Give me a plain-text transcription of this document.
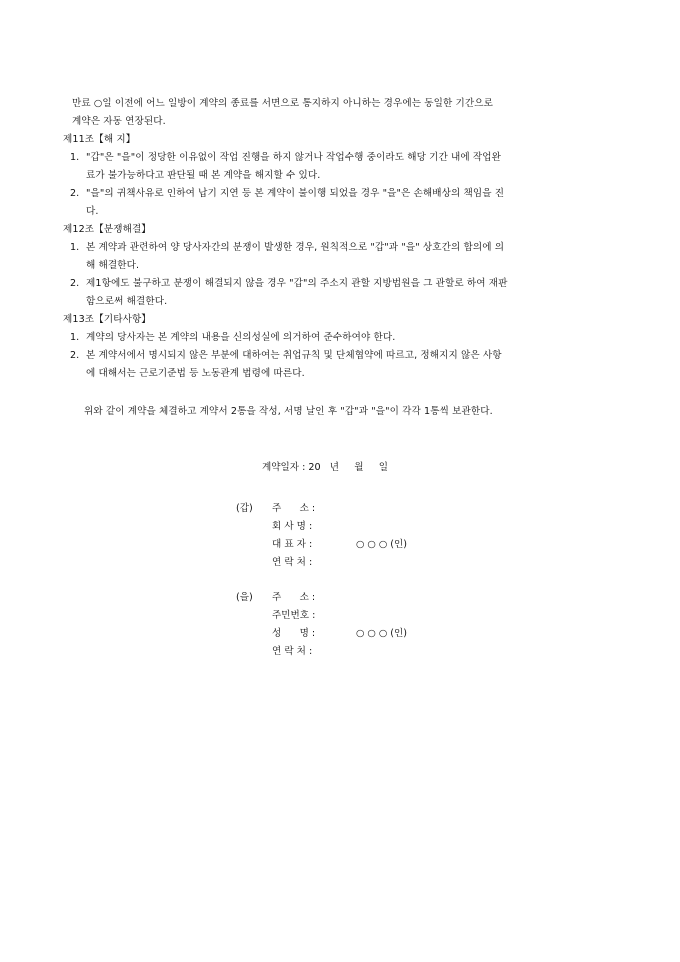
만료 ○일 이전에 어느 일방이 계약의 종료를 서면으로 통지하지 아니하는 경우에는 동일한 기간으로
계약은 자동 연장된다.
제11조【해 지】
1. "갑"은 "을"이 정당한 이유없이 작업 진행을 하지 않거나 작업수행 중이라도 해당 기간 내에 작업완
료가 불가능하다고 판단될 때 본 계약을 해지할 수 있다.
2. "을"의 귀책사유로 인하여 납기 지연 등 본 계약이 불이행 되었을 경우 "을"은 손해배상의 책임을 진
다.
제12조【분쟁해결】
1. 본 계약과 관련하여 양 당사자간의 분쟁이 발생한 경우, 원칙적으로 "갑"과 "을" 상호간의 합의에 의
해 해결한다.
2. 제1항에도 불구하고 분쟁이 해결되지 않을 경우 "갑"의 주소지 관할 지방법원을 그 관할로 하여 재판
함으로써 해결한다.
제13조【기타사항】
1. 계약의 당사자는 본 계약의 내용을 신의성실에 의거하여 준수하여야 한다.
2. 본 계약서에서 명시되지 않은 부분에 대하여는 취업규칙 및 단체협약에 따르고, 정해지지 않은 사항
에 대해서는 근로기준법 등 노동관계 법령에 따른다.
위와 같이 계약을 체결하고 계약서 2통을 작성, 서명 날인 후 "갑"과 "을"이 각각 1통씩 보관한다.
계약일자 : 20   년     월     일
(갑) 주      소 :
회 사 명 :
대 표 자 :	○ ○ ○ (인)
연 락 처 :
(을) 주      소 :
주민번호 :
성      명 :	○ ○ ○ (인)
연 락 처 :
